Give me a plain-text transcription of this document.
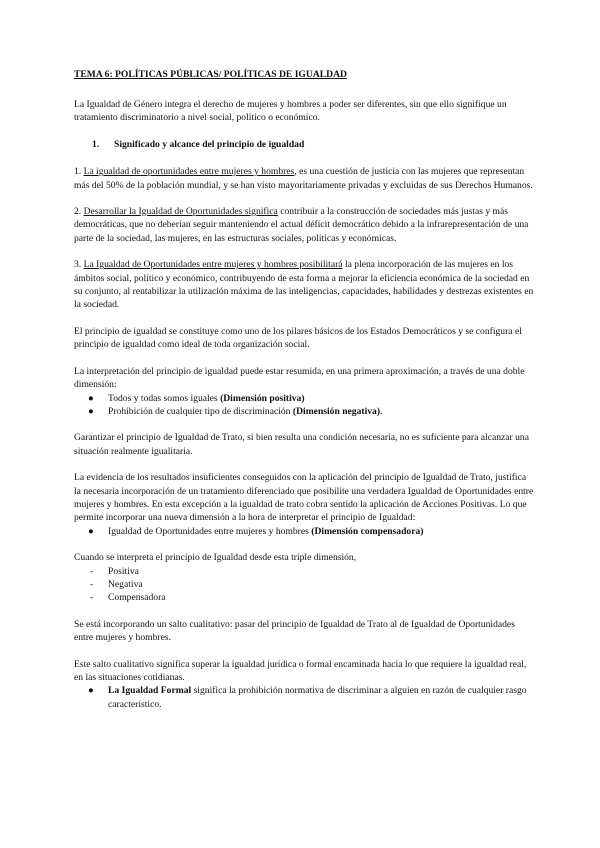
TEMA 6: POLÍTICAS PÚBLICAS/ POLÍTICAS DE IGUALDAD

La Igualdad de Género integra el derecho de mujeres y hombres a poder ser diferentes, sin que ello signifique un tratamiento discriminatorio a nivel social, político o económico.

1. Significado y alcance del principio de igualdad

1. La igualdad de oportunidades entre mujeres y hombres, es una cuestión de justicia con las mujeres que representan más del 50% de la población mundial, y se han visto mayoritariamente privadas y excluidas de sus Derechos Humanos.

2. Desarrollar la Igualdad de Oportunidades significa contribuir a la construcción de sociedades más justas y más democráticas, que no deberían seguir manteniendo el actual déficit democrático debido a la infrarepresentación de una parte de la sociedad, las mujeres, en las estructuras sociales, políticas y económicas.

3. La Igualdad de Oportunidades entre mujeres y hombres posibilitará la plena incorporación de las mujeres en los ámbitos social, político y económico, contribuyendo de esta forma a mejorar la eficiencia económica de la sociedad en su conjunto, al rentabilizar la utilización máxima de las inteligencias, capacidades, habilidades y destrezas existentes en la sociedad.

El principio de igualdad se constituye como uno de los pilares básicos de los Estados Democráticos y se configura el principio de igualdad como ideal de toda organización social.

La interpretación del principio de igualdad puede estar resumida, en una primera aproximación, a través de una doble dimensión:

● Todos y todas somos iguales (Dimensión positiva)
● Prohibición de cualquier tipo de discriminación (Dimensión negativa).

Garantizar el principio de Igualdad de Trato, si bien resulta una condición necesaria, no es suficiente para alcanzar una situación realmente igualitaria.

La evidencia de los resultados insuficientes conseguidos con la aplicación del principio de Igualdad de Trato, justifica la necesaria incorporación de un tratamiento diferenciado que posibilite una verdadera Igualdad de Oportunidades entre mujeres y hombres. En esta excepción a la igualdad de trato cobra sentido la aplicación de Acciones Positivas. Lo que permite incorporar una nueva dimensión a la hora de interpretar el principio de Igualdad:

● Igualdad de Oportunidades entre mujeres y hombres (Dimensión compensadora)

Cuando se interpreta el principio de Igualdad desde esta triple dimensión,

- Positiva
- Negativa
- Compensadora

Se está incorporando un salto cualitativo: pasar del principio de Igualdad de Trato al de Igualdad de Oportunidades entre mujeres y hombres.

Este salto cualitativo significa superar la igualdad jurídica o formal encaminada hacia lo que requiere la igualdad real, en las situaciones cotidianas.

● La Igualdad Formal significa la prohibición normativa de discriminar a alguien en razón de cualquier rasgo característico.
